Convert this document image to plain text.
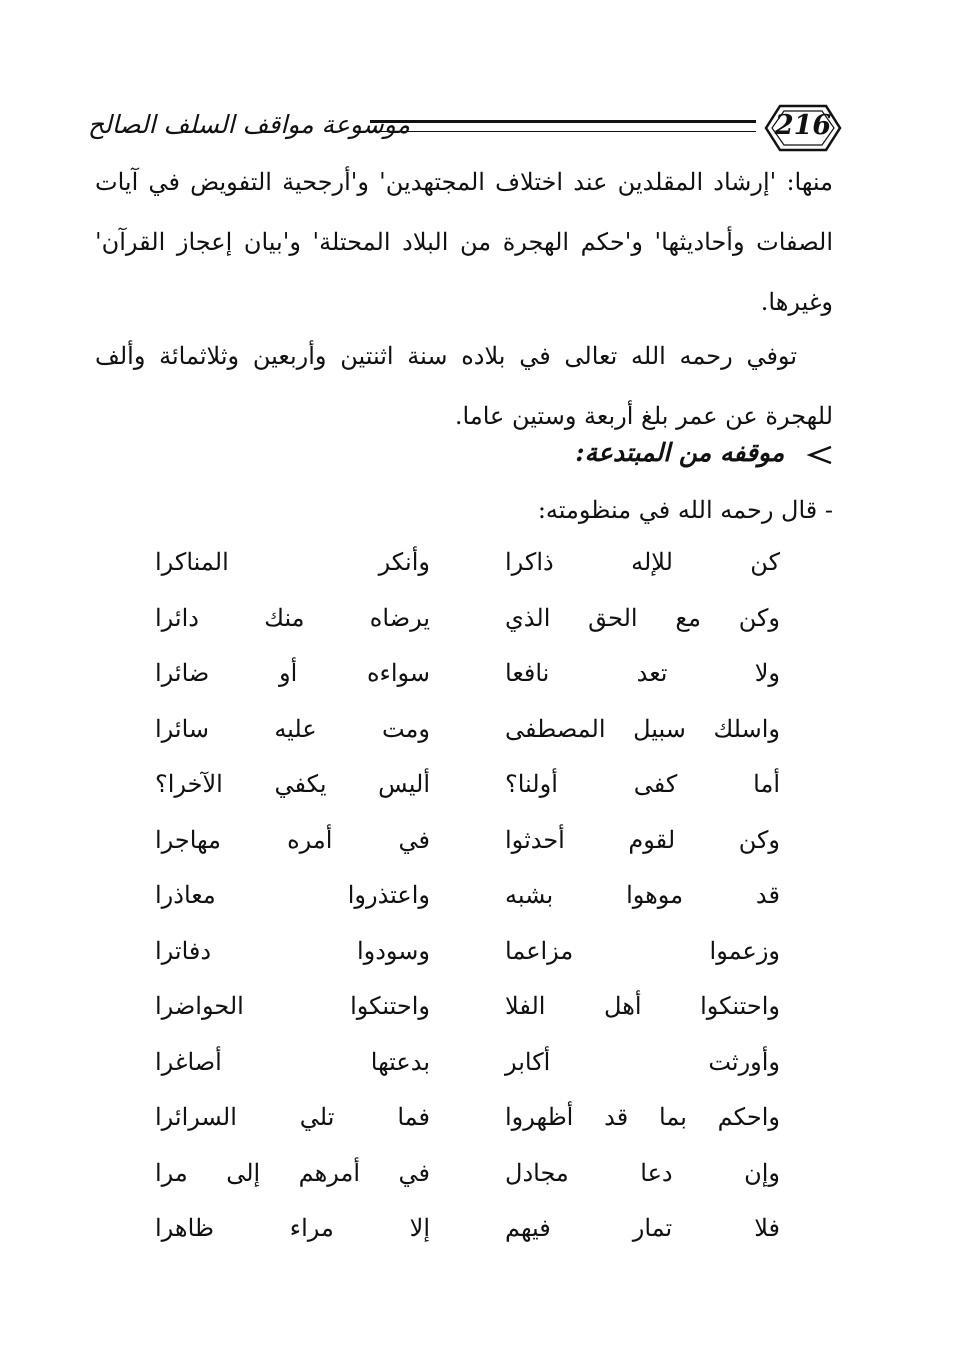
موسوعة مواقف السلف الصالح	216

منها: 'إرشاد المقلدين عند اختلاف المجتهدين' و'أرجحية التفويض في آيات

الصفات وأحاديثها' و'حكم الهجرة من البلاد المحتلة' و'بيان إعجاز القرآن'

وغيرها.

توفي رحمه الله تعالى في بلاده سنة اثنتين وأربعين وثلاثمائة وألف للهجرة عن عمر بلغ أربعة وستين عاما.

موقفه من المبتدعة:
- قال رحمه الله في منظومته:
كن للإله ذاكرا
وأنكر المناكرا
وكن مع الحق الذي
يرضاه منك دائرا
ولا تعد نافعا
سواءه أو ضائرا
واسلك سبيل المصطفى
ومت عليه سائرا
أما كفى أولنا؟
أليس يكفي الآخرا؟
وكن لقوم أحدثوا
في أمره مهاجرا
قد موهوا بشبه
واعتذروا معاذرا
وزعموا مزاعما
وسودوا دفاترا
واحتنكوا أهل الفلا
واحتنكوا الحواضرا
وأورثت أكابر
بدعتها أصاغرا
واحكم بما قد أظهروا
فما تلي السرائرا
وإن دعا مجادل
في أمرهم إلى مرا
فلا تمار فيهم
إلا مراء ظاهرا
